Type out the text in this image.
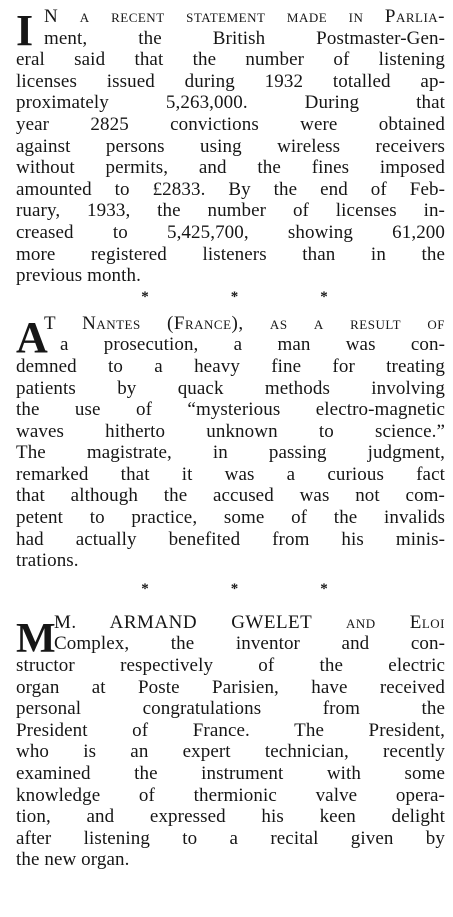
I N a recent statement made in Parlia-
ment, the British Postmaster-Gen-
eral said that the number of listening
licenses issued during 1932 totalled ap-
proximately 5,263,000. During that
year 2825 convictions were obtained
against persons using wireless receivers
without permits, and the fines imposed
amounted to £2833. By the end of Feb-
ruary, 1933, the number of licenses in-
creased to 5,425,700, showing 61,200
more registered listeners than in the
previous month.
*	*	*
A
T Nantes (France), as a result of
a prosecution, a man was con-
demned to a heavy fine for treating
patients by quack methods involving
the use of “mysterious electro-magnetic
waves hitherto unknown to science.”
The magistrate, in passing judgment,
remarked that it was a curious fact
that although the accused was not com-
petent to practice, some of the invalids
had actually benefited from his minis-
trations.
*	*	*
M
M. ARMAND GWELET and Eloi
Complex, the inventor and con-
structor respectively of the electric
organ at Poste Parisien, have received
personal congratulations from the
President of France. The President,
who is an expert technician, recently
examined the instrument with some
knowledge of thermionic valve opera-
tion, and expressed his keen delight
after listening to a recital given by
the new organ.
